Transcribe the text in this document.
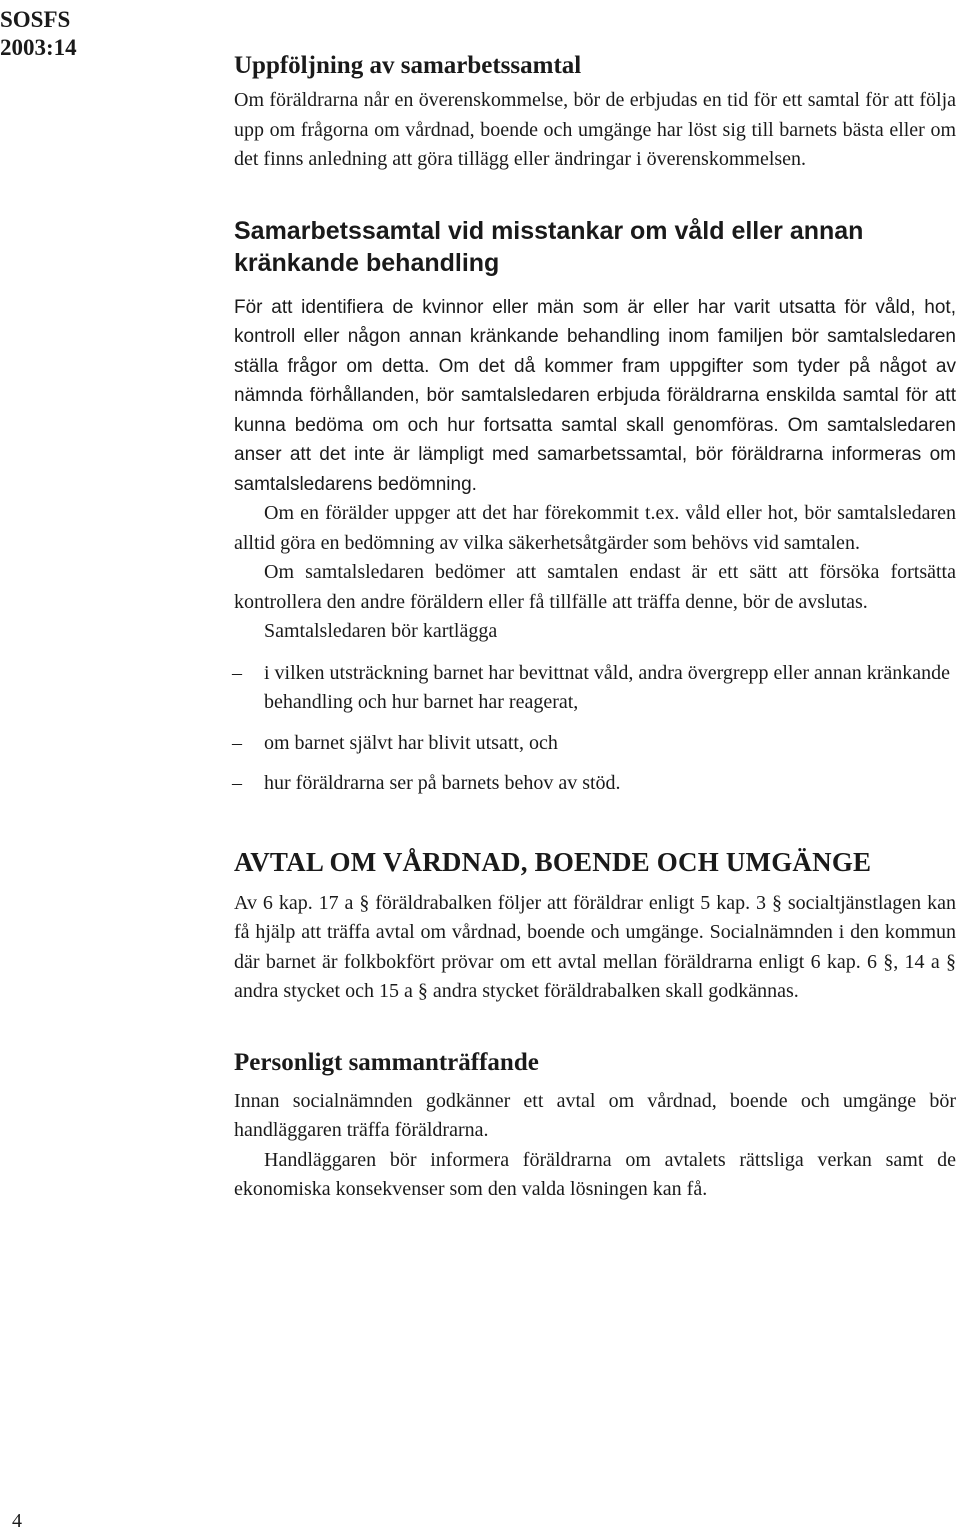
SOSFS
2003:14
Uppföljning av samarbetssamtal

Om föräldrarna når en överenskommelse, bör de erbjudas en tid för ett samtal för att följa upp om frågorna om vårdnad, boende och umgänge har löst sig till barnets bästa eller om det finns anledning att göra tillägg eller ändringar i överenskommelsen.

Samarbetssamtal vid misstankar om våld eller annan kränkande behandling

För att identifiera de kvinnor eller män som är eller har varit utsatta för våld, hot, kontroll eller någon annan kränkande behandling inom familjen bör samtalsledaren ställa frågor om detta. Om det då kommer fram uppgifter som tyder på något av nämnda förhållanden, bör samtalsledaren erbjuda föräldrarna enskilda samtal för att kunna bedöma om och hur fortsatta samtal skall genomföras. Om samtalsledaren anser att det inte är lämpligt med samarbetssamtal, bör föräldrarna informeras om samtalsledarens bedömning.

Om en förälder uppger att det har förekommit t.ex. våld eller hot, bör samtalsledaren alltid göra en bedömning av vilka säkerhetsåtgärder som behövs vid samtalen.

Om samtalsledaren bedömer att samtalen endast är ett sätt att försöka fortsätta kontrollera den andre föräldern eller få tillfälle att träffa denne, bör de avslutas.

Samtalsledaren bör kartlägga

– i vilken utsträckning barnet har bevittnat våld, andra övergrepp eller annan kränkande behandling och hur barnet har reagerat,
– om barnet självt har blivit utsatt, och
– hur föräldrarna ser på barnets behov av stöd.
AVTAL OM VÅRDNAD, BOENDE OCH UMGÄNGE

Av 6 kap. 17 a § föräldrabalken följer att föräldrar enligt 5 kap. 3 § socialtjänstlagen kan få hjälp att träffa avtal om vårdnad, boende och umgänge. Socialnämnden i den kommun där barnet är folkbokfört prövar om ett avtal mellan föräldrarna enligt 6 kap. 6 §, 14 a § andra stycket och 15 a § andra stycket föräldrabalken skall godkännas.

Personligt sammanträffande

Innan socialnämnden godkänner ett avtal om vårdnad, boende och umgänge bör handläggaren träffa föräldrarna.

Handläggaren bör informera föräldrarna om avtalets rättsliga verkan samt de ekonomiska konsekvenser som den valda lösningen kan få.

4
